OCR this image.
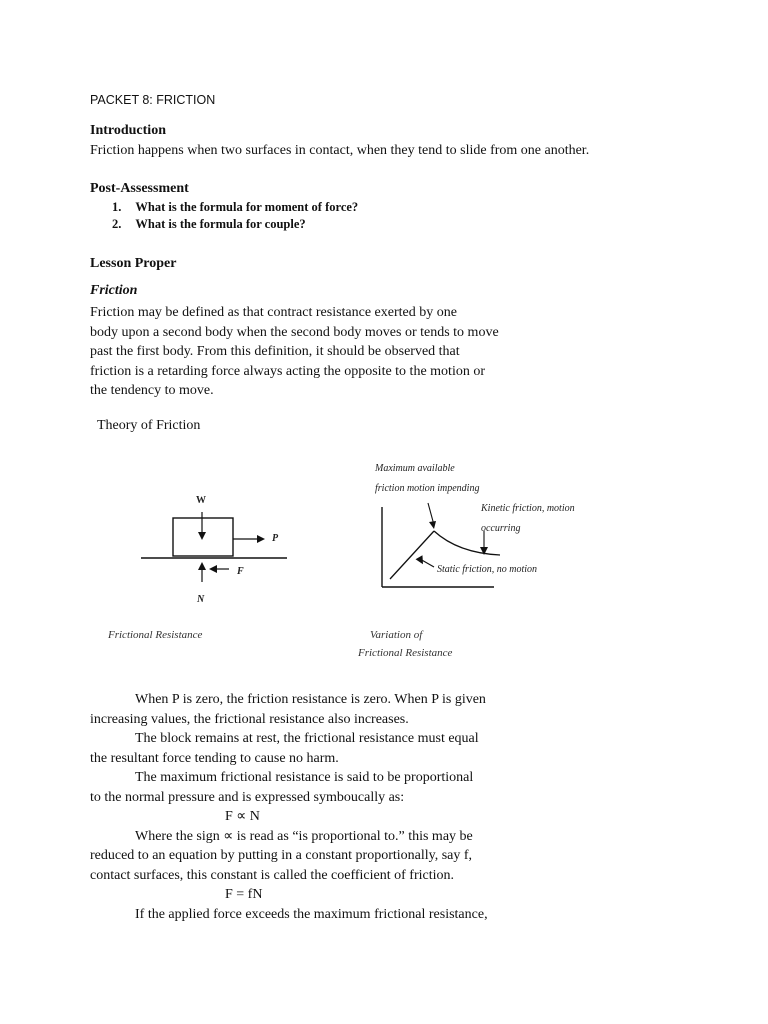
PACKET 8: FRICTION
Introduction
Friction happens when two surfaces in contact, when they tend to slide from one another.
Post-Assessment
1. What is the formula for moment of force?
2. What is the formula for couple?
Lesson Proper
Friction
Friction may be defined as that contract resistance exerted by one
body upon a second body when the second body moves or tends to move
past the first body. From this definition, it should be observed that
friction is a retarding force always acting the opposite to the motion or
the tendency to move.
Theory of Friction
W
P
F
N
Frictional Resistance
Maximum available
friction motion impending
Kinetic friction, motion
occurring
Static friction, no motion
Variation of
Frictional Resistance
When P is zero, the friction resistance is zero. When P is given
increasing values, the frictional resistance also increases.
The block remains at rest, the frictional resistance must equal
the resultant force tending to cause no harm.
The maximum frictional resistance is said to be proportional
to the normal pressure and is expressed symboucally as:
F ∝ N
Where the sign ∝ is read as “is proportional to.” this may be
reduced to an equation by putting in a constant proportionally, say f,
contact surfaces, this constant is called the coefficient of friction.
F = fN
If the applied force exceeds the maximum frictional resistance,
